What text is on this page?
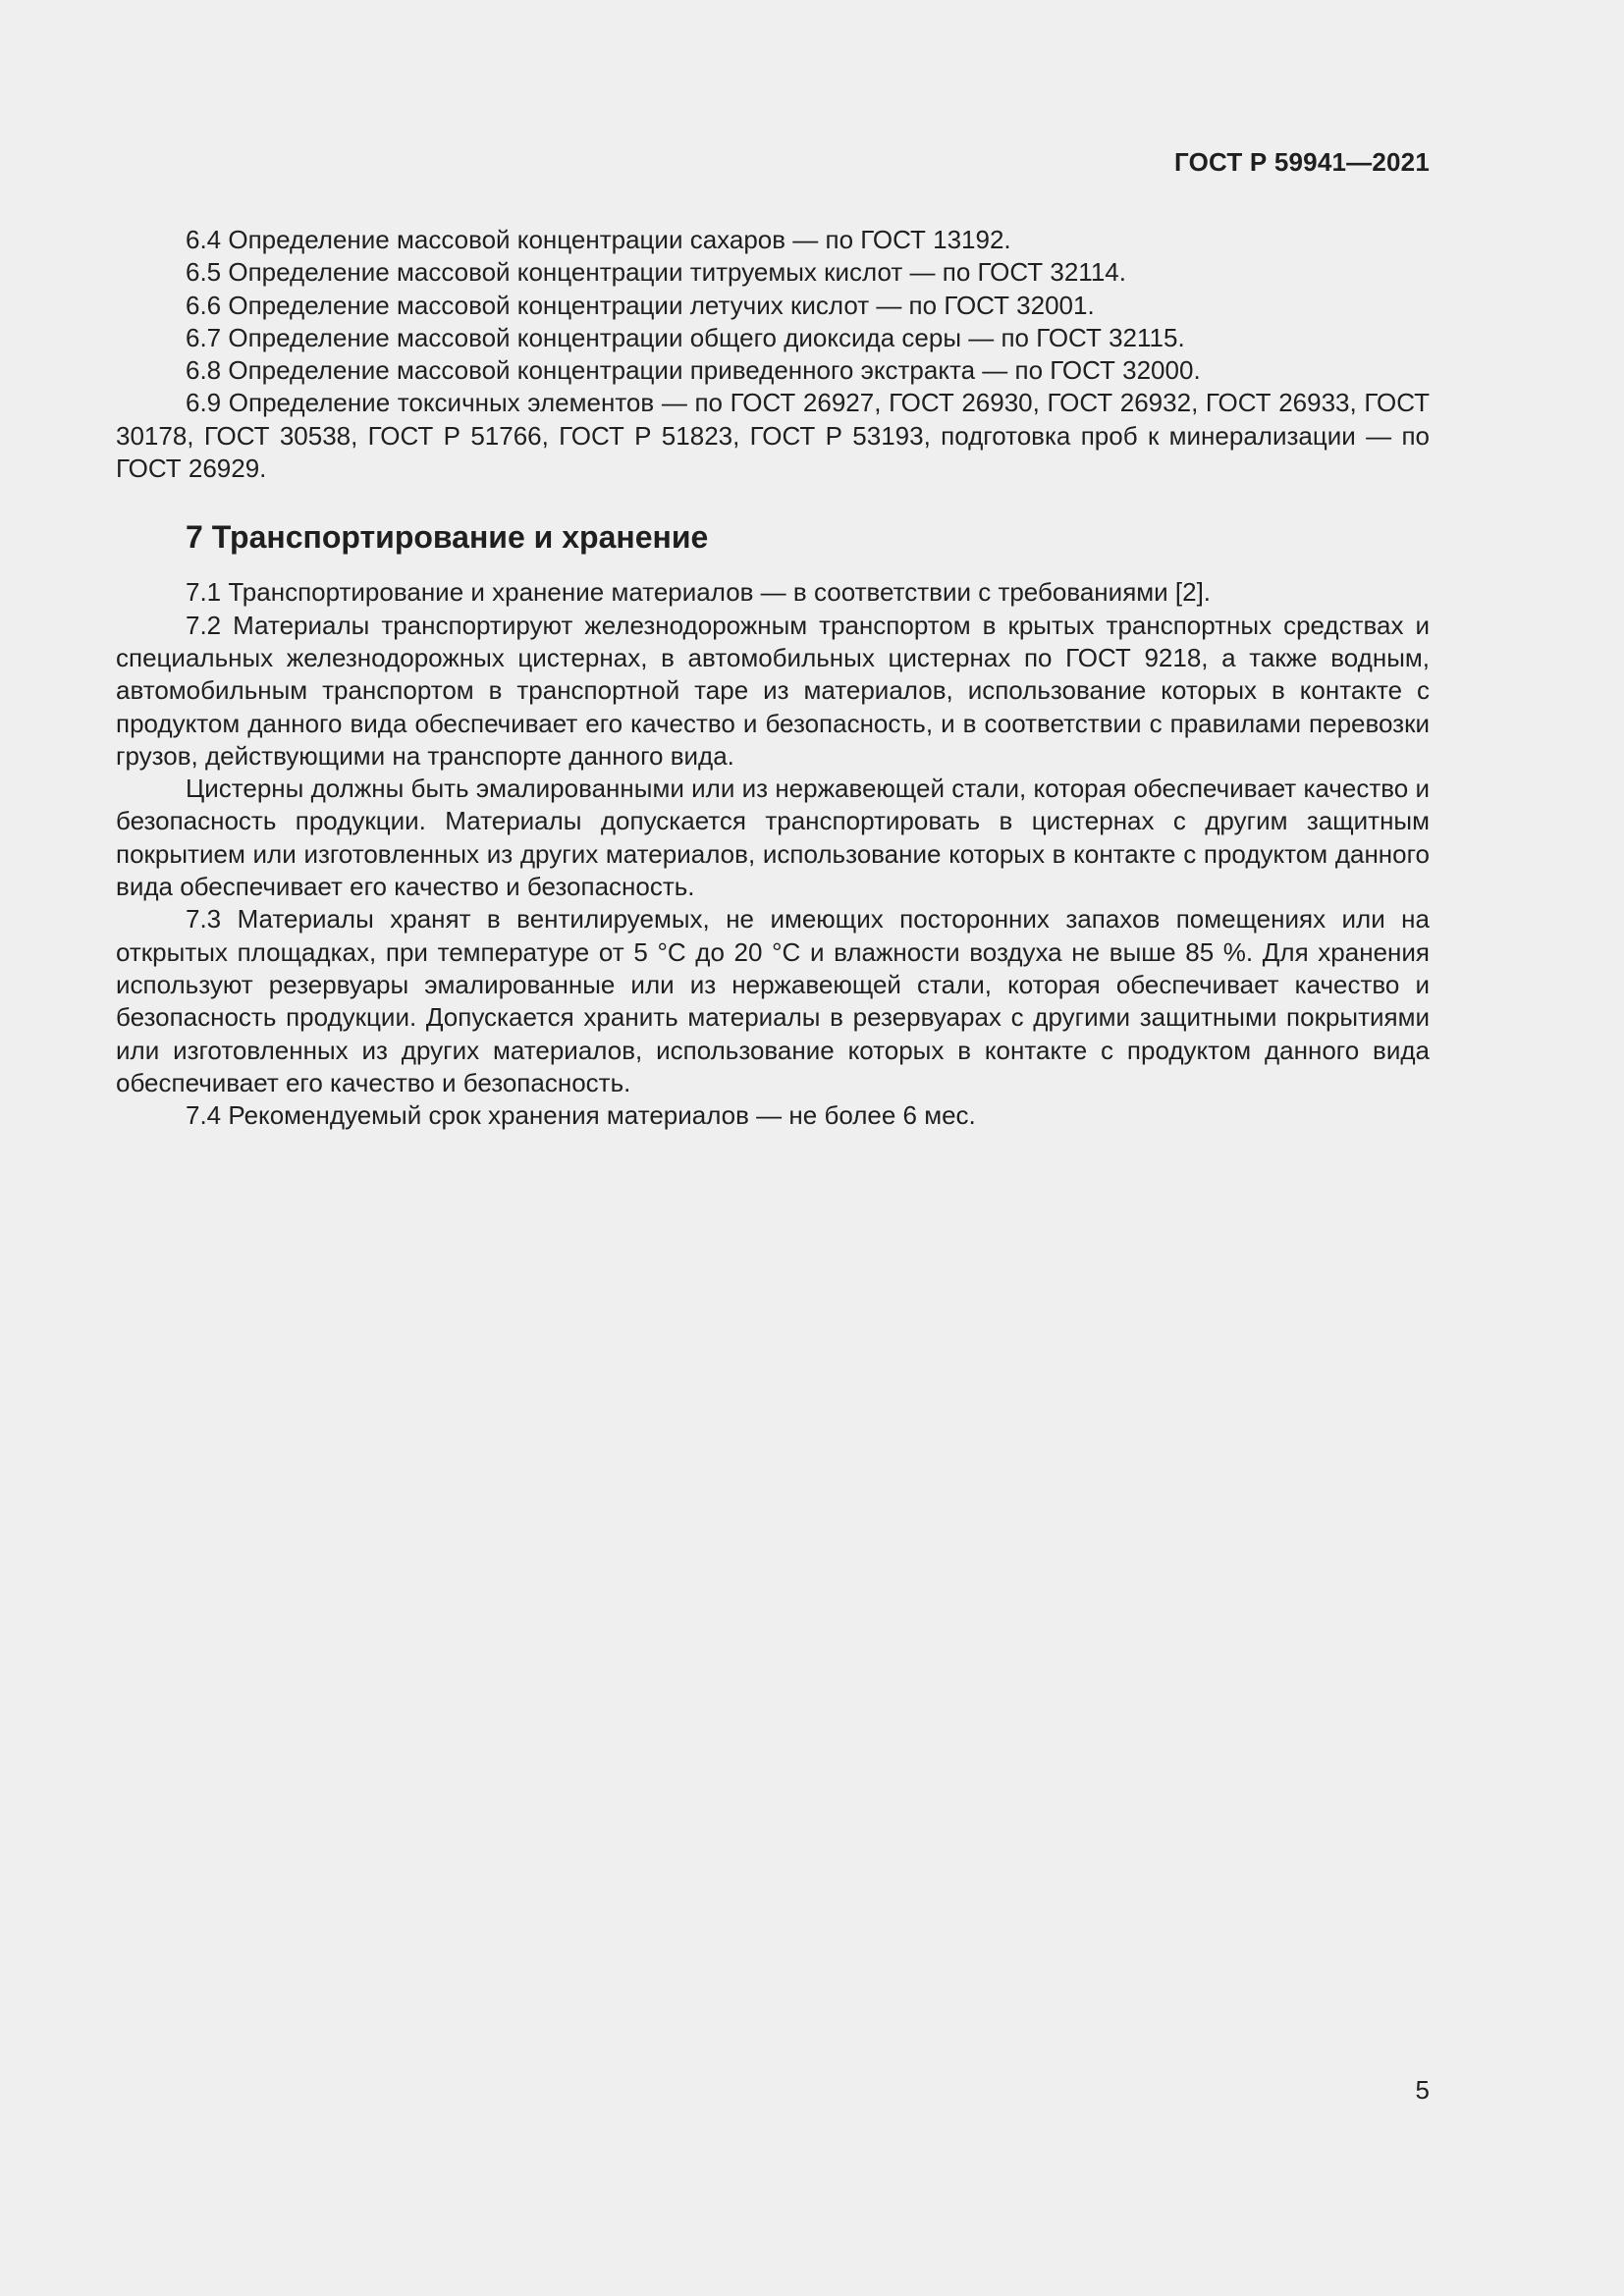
ГОСТ Р 59941—2021

6.4 Определение массовой концентрации сахаров — по ГОСТ 13192.

6.5 Определение массовой концентрации титруемых кислот — по ГОСТ 32114.

6.6 Определение массовой концентрации летучих кислот — по ГОСТ 32001.

6.7 Определение массовой концентрации общего диоксида серы — по ГОСТ 32115.

6.8 Определение массовой концентрации приведенного экстракта — по ГОСТ 32000.

6.9 Определение токсичных элементов — по ГОСТ 26927, ГОСТ 26930, ГОСТ 26932, ГОСТ 26933, ГОСТ 30178, ГОСТ 30538, ГОСТ Р 51766, ГОСТ Р 51823, ГОСТ Р 53193, подготовка проб к минерализации — по ГОСТ 26929.

7 Транспортирование и хранение

7.1 Транспортирование и хранение материалов — в соответствии с требованиями [2].

7.2 Материалы транспортируют железнодорожным транспортом в крытых транспортных средствах и специальных железнодорожных цистернах, в автомобильных цистернах по ГОСТ 9218, а также водным, автомобильным транспортом в транспортной таре из материалов, использование которых в контакте с продуктом данного вида обеспечивает его качество и безопасность, и в соответствии с правилами перевозки грузов, действующими на транспорте данного вида.

Цистерны должны быть эмалированными или из нержавеющей стали, которая обеспечивает качество и безопасность продукции. Материалы допускается транспортировать в цистернах с другим защитным покрытием или изготовленных из других материалов, использование которых в контакте с продуктом данного вида обеспечивает его качество и безопасность.

7.3 Материалы хранят в вентилируемых, не имеющих посторонних запахов помещениях или на открытых площадках, при температуре от 5 °С до 20 °С и влажности воздуха не выше 85 %. Для хранения используют резервуары эмалированные или из нержавеющей стали, которая обеспечивает качество и безопасность продукции. Допускается хранить материалы в резервуарах с другими защитными покрытиями или изготовленных из других материалов, использование которых в контакте с продуктом данного вида обеспечивает его качество и безопасность.

7.4 Рекомендуемый срок хранения материалов — не более 6 мес.

5
